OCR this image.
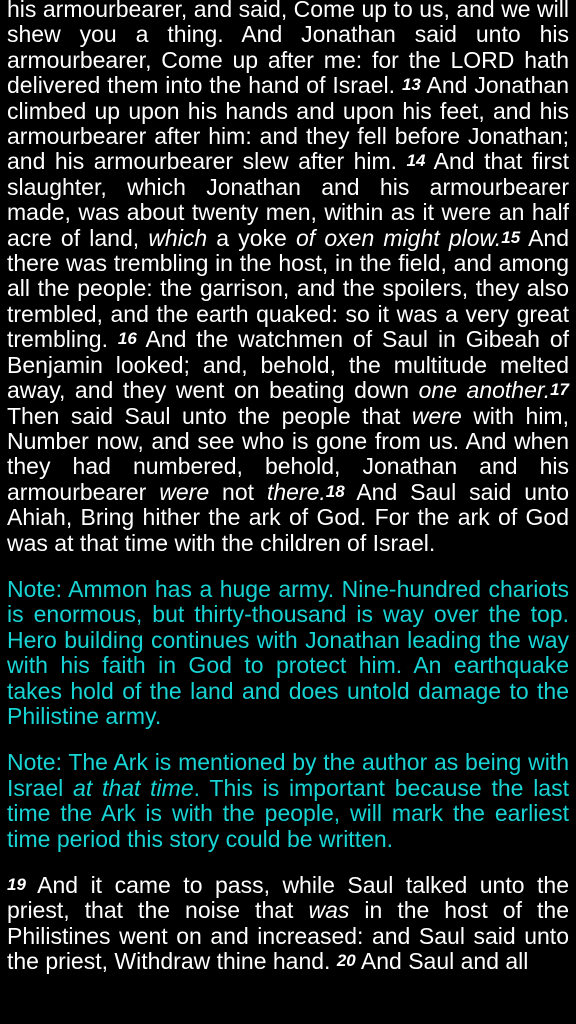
his armourbearer, and said, Come up to us, and we will shew you a thing. And Jonathan said unto his armourbearer, Come up after me: for the LORD hath delivered them into the hand of Israel. 13 And Jonathan climbed up upon his hands and upon his feet, and his armourbearer after him: and they fell before Jonathan; and his armourbearer slew after him. 14 And that first slaughter, which Jonathan and his armourbearer made, was about twenty men, within as it were an half acre of land, which a yoke of oxen might plow.15 And there was trembling in the host, in the field, and among all the people: the garrison, and the spoilers, they also trembled, and the earth quaked: so it was a very great trembling. 16 And the watchmen of Saul in Gibeah of Benjamin looked; and, behold, the multitude melted away, and they went on beating down one another.17 Then said Saul unto the people that were with him, Number now, and see who is gone from us. And when they had numbered, behold, Jonathan and his armourbearer were not there.18 And Saul said unto Ahiah, Bring hither the ark of God. For the ark of God was at that time with the children of Israel.

Note: Ammon has a huge army. Nine-hundred chariots is enormous, but thirty-thousand is way over the top. Hero building continues with Jonathan leading the way with his faith in God to protect him. An earthquake takes hold of the land and does untold damage to the Philistine army.

Note: The Ark is mentioned by the author as being with Israel at that time. This is important because the last time the Ark is with the people, will mark the earliest time period this story could be written.

19 And it came to pass, while Saul talked unto the priest, that the noise that was in the host of the Philistines went on and increased: and Saul said unto the priest, Withdraw thine hand. 20 And Saul and all
